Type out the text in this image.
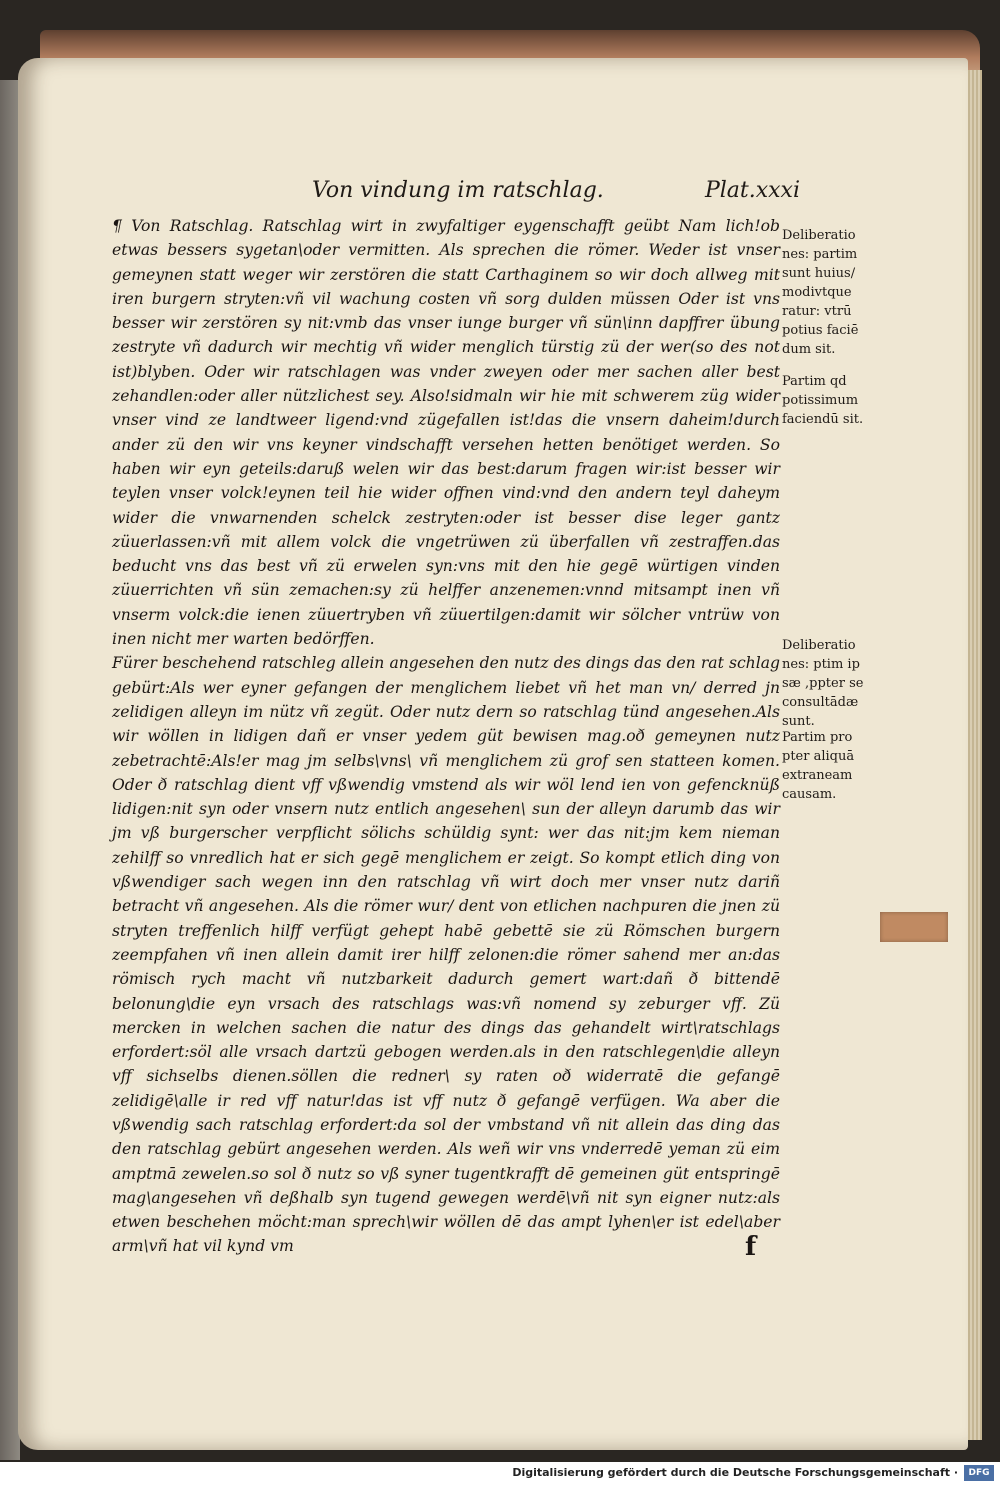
Von vindung im ratschlag.	Plat.xxxi

¶ Von Ratschlag. Ratschlag wirt in zwyfaltiger eygenschafft geübt Nam lich!ob etwas bessers sygetan\oder vermitten. Als sprechen die römer. Weder ist vnser gemeynen statt weger wir zerstören die statt Carthaginem so wir doch allweg mit iren burgern stryten:vñ vil wachung costen vñ sorg dulden müssen Oder ist vns besser wir zerstören sy nit:vmb das vnser iunge burger vñ sün\inn dapffrer übung zestryte vñ dadurch wir mechtig vñ wider menglich türstig zü der wer(so des not ist)blyben. Oder wir ratschlagen was vnder zweyen oder mer sachen aller best zehandlen:oder aller nützlichest sey. Also!sidmaln wir hie mit schwerem züg wider vnser vind ze landtweer ligend:vnd zügefallen ist!das die vnsern daheim!durch ander zü den wir vns keyner vindschafft versehen hetten benötiget werden. So haben wir eyn geteils:daruß welen wir das best:darum fragen wir:ist besser wir teylen vnser volck!eynen teil hie wider offnen vind:vnd den andern teyl daheym wider die vnwarnenden schelck zestryten:oder ist besser dise leger gantz züuerlassen:vñ mit allem volck die vngetrüwen zü überfallen vñ zestraffen.das beducht vns das best vñ zü erwelen syn:vns mit den hie gegē würtigen vinden züuerrichten vñ sün zemachen:sy zü helffer anzenemen:vnnd mitsampt inen vñ vnserm volck:die ienen züuertryben vñ züuertilgen:damit wir sölcher vntrüw von inen nicht mer warten bedörffen.

Fürer beschehend ratschleg allein angesehen den nutz des dings das den rat schlag gebürt:Als wer eyner gefangen der menglichem liebet vñ het man vn/ derred jn zelidigen alleyn im nütz vñ zegüt. Oder nutz dern so ratschlag tünd angesehen.Als wir wöllen in lidigen dañ er vnser yedem güt bewisen mag.oð gemeynen nutz zebetrachtē:Als!er mag jm selbs\vns\ vñ menglichem zü grof sen statteen komen. Oder ð ratschlag dient vff vßwendig vmstend als wir wöl lend ien von gefencknüß lidigen:nit syn oder vnsern nutz entlich angesehen\ sun der alleyn darumb das wir jm vß burgerscher verpflicht sölichs schüldig synt: wer das nit:jm kem nieman zehilff so vnredlich hat er sich gegē menglichem er zeigt. So kompt etlich ding von vßwendiger sach wegen inn den ratschlag vñ wirt doch mer vnser nutz dariñ betracht vñ angesehen. Als die römer wur/ dent von etlichen nachpuren die jnen zü stryten treffenlich hilff verfügt gehept habē gebettē sie zü Römschen burgern zeempfahen vñ inen allein damit irer hilff zelonen:die römer sahend mer an:das römisch rych macht vñ nutzbarkeit dadurch gemert wart:dañ ð bittendē belonung\die eyn vrsach des ratschlags was:vñ nomend sy zeburger vff. Zü mercken in welchen sachen die natur des dings das gehandelt wirt\ratschlags erfordert:söl alle vrsach dartzü gebogen werden.als in den ratschlegen\die alleyn vff sichselbs dienen.söllen die redner\ sy raten oð widerratē die gefangē zelidigē\alle ir red vff natur!das ist vff nutz ð gefangē verfügen. Wa aber die vßwendig sach ratschlag erfordert:da sol der vmbstand vñ nit allein das ding das den ratschlag gebürt angesehen werden. Als weñ wir vns vnderredē yeman zü eim amptmā zewelen.so sol ð nutz so vß syner tugentkrafft dē gemeinen güt entspringē mag\angesehen vñ deßhalb syn tugend gewegen werdē\vñ nit syn eigner nutz:als etwen beschehen möcht:man sprech\wir wöllen dē das ampt lyhen\er ist edel\aber arm\vñ hat vil kynd vm

Deliberatio nes: partim sunt huius/ modivtque ratur: vtrū potius faciē dum sit.
Partim qd potissimum faciendū sit.
Deliberatio nes: ptim ip sæ ,ppter se consultādæ sunt.
Partim pro pter aliquā extraneam causam.
f
Digitalisierung gefördert durch die Deutsche Forschungsgemeinschaft ·	DFG
